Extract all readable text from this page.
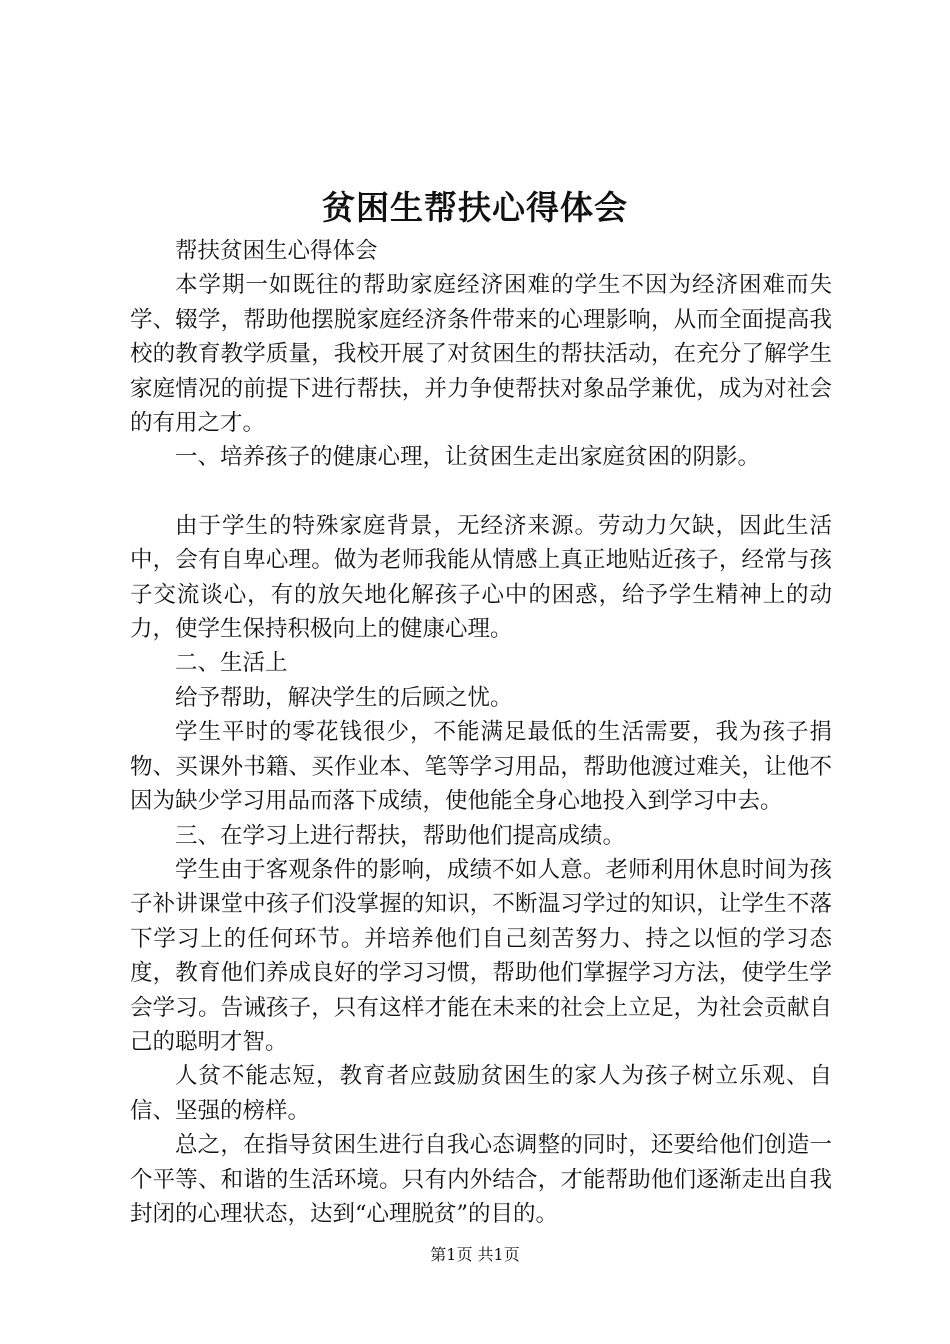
贫困生帮扶心得体会

帮扶贫困生心得体会

本学期一如既往的帮助家庭经济困难的学生不因为经济困难而失学、辍学，帮助他摆脱家庭经济条件带来的心理影响，从而全面提高我校的教育教学质量，我校开展了对贫困生的帮扶活动，在充分了解学生家庭情况的前提下进行帮扶，并力争使帮扶对象品学兼优，成为对社会的有用之才。

一、培养孩子的健康心理，让贫困生走出家庭贫困的阴影。

由于学生的特殊家庭背景，无经济来源。劳动力欠缺，因此生活中，会有自卑心理。做为老师我能从情感上真正地贴近孩子，经常与孩子交流谈心，有的放矢地化解孩子心中的困惑，给予学生精神上的动力，使学生保持积极向上的健康心理。

二、生活上

给予帮助，解决学生的后顾之忧。

学生平时的零花钱很少，不能满足最低的生活需要，我为孩子捐物、买课外书籍、买作业本、笔等学习用品，帮助他渡过难关，让他不因为缺少学习用品而落下成绩，使他能全身心地投入到学习中去。

三、在学习上进行帮扶，帮助他们提高成绩。

学生由于客观条件的影响，成绩不如人意。老师利用休息时间为孩子补讲课堂中孩子们没掌握的知识，不断温习学过的知识，让学生不落下学习上的任何环节。并培养他们自己刻苦努力、持之以恒的学习态度，教育他们养成良好的学习习惯，帮助他们掌握学习方法，使学生学会学习。告诫孩子，只有这样才能在未来的社会上立足，为社会贡献自己的聪明才智。

人贫不能志短，教育者应鼓励贫困生的家人为孩子树立乐观、自信、坚强的榜样。

总之，在指导贫困生进行自我心态调整的同时，还要给他们创造一个平等、和谐的生活环境。只有内外结合，才能帮助他们逐渐走出自我封闭的心理状态，达到“心理脱贫”的目的。

第1页 共1页
